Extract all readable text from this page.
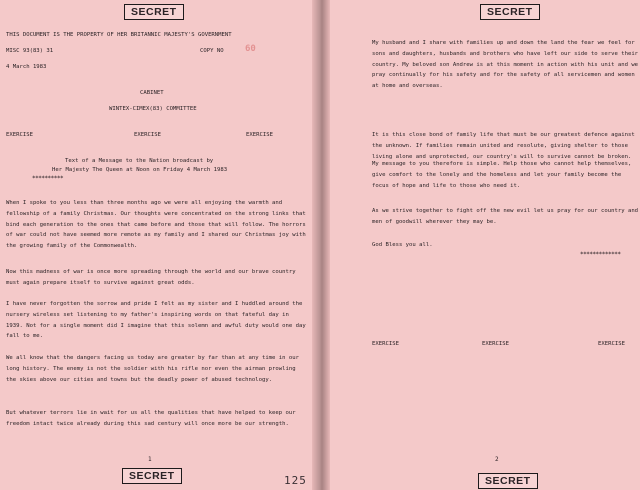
SECRET

THIS DOCUMENT IS THE PROPERTY OF HER BRITANNIC MAJESTY'S GOVERNMENT

MISC 93(83) 31	COPY NO 60

4 March 1983

CABINET

WINTEX-CIMEX(83) COMMITTEE

EXERCISE	EXERCISE	EXERCISE

Text of a Message to the Nation broadcast by

Her Majesty The Queen at Noon on Friday 4 March 1983

**********

When I spoke to you less than three months ago we were all enjoying the warmth and fellowship of a family Christmas. Our thoughts were concentrated on the strong links that bind each generation to the ones that came before and those that will follow. The horrors of war could not have seemed more remote as my family and I shared our Christmas joy with the growing family of the Commonwealth.

Now this madness of war is once more spreading through the world and our brave country must again prepare itself to survive against great odds.

I have never forgotten the sorrow and pride I felt as my sister and I huddled around the nursery wireless set listening to my father's inspiring words on that fateful day in 1939. Not for a single moment did I imagine that this solemn and awful duty would one day fall to me.

We all know that the dangers facing us today are greater by far than at any time in our long history. The enemy is not the soldier with his rifle nor even the airman prowling the skies above our cities and towns but the deadly power of abused technology.

But whatever terrors lie in wait for us all the qualities that have helped to keep our freedom intact twice already during this sad century will once more be our strength.

1

SECRET	125

SECRET

My husband and I share with families up and down the land the fear we feel for sons and daughters, husbands and brothers who have left our side to serve their country. My beloved son Andrew is at this moment in action with his unit and we pray continually for his safety and for the safety of all servicemen and women at home and overseas.

It is this close bond of family life that must be our greatest defence against the unknown. If families remain united and resolute, giving shelter to those living alone and unprotected, our country's will to survive cannot be broken.

My message to you therefore is simple. Help those who cannot help themselves, give comfort to the lonely and the homeless and let your family become the focus of hope and life to those who need it.

As we strive together to fight off the new evil let us pray for our country and men of goodwill wherever they may be.

God Bless you all.

*************

EXERCISE	EXERCISE	EXERCISE

2

SECRET
